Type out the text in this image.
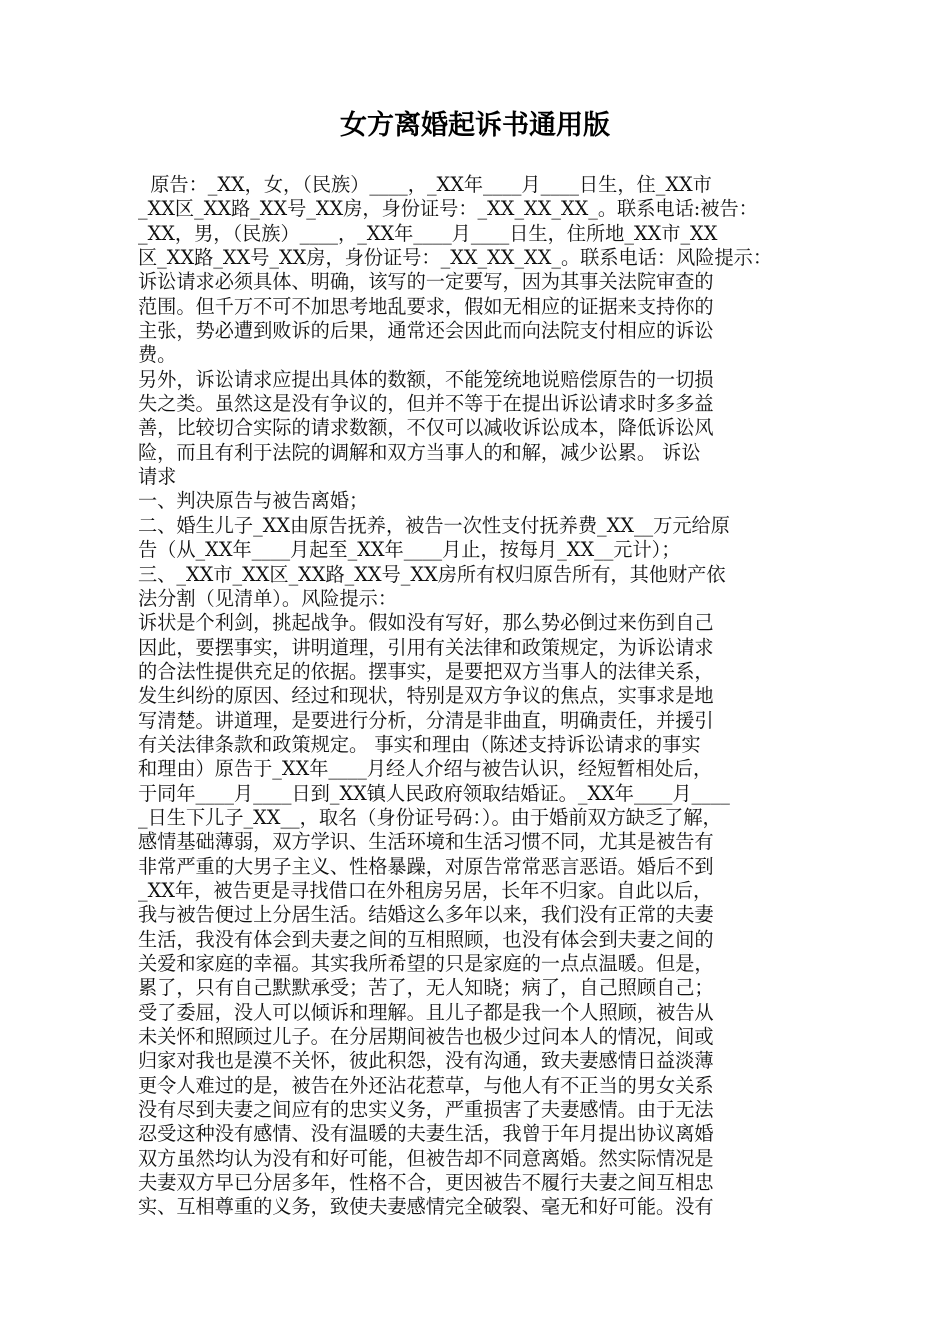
女方离婚起诉书通用版
原告：_XX，女，（民族）____，_XX年____月____日生，住_XX市
_XX区_XX路_XX号_XX房，身份证号：_XX_XX_XX_。联系电话:被告：
_XX，男，（民族）____，_XX年____月____日生，住所地_XX市_XX
区_XX路_XX号_XX房，身份证号：_XX_XX_XX_。联系电话：风险提示：
诉讼请求必须具体、明确，该写的一定要写，因为其事关法院审查的
范围。但千万不可不加思考地乱要求，假如无相应的证据来支持你的
主张，势必遭到败诉的后果，通常还会因此而向法院支付相应的诉讼
费。
另外，诉讼请求应提出具体的数额，不能笼统地说赔偿原告的一切损
失之类。虽然这是没有争议的，但并不等于在提出诉讼请求时多多益
善，比较切合实际的请求数额，不仅可以减收诉讼成本，降低诉讼风
险，而且有利于法院的调解和双方当事人的和解，减少讼累。 诉讼
请求
一、判决原告与被告离婚；
二、婚生儿子_XX由原告抚养，被告一次性支付抚养费_XX__万元给原
告（从_XX年____月起至_XX年____月止，按每月_XX__元计）；
三、_XX市_XX区_XX路_XX号_XX房所有权归原告所有，其他财产依
法分割（见清单）。风险提示：
诉状是个利剑，挑起战争。假如没有写好，那么势必倒过来伤到自己
因此，要摆事实，讲明道理，引用有关法律和政策规定，为诉讼请求
的合法性提供充足的依据。摆事实，是要把双方当事人的法律关系，
发生纠纷的原因、经过和现状，特别是双方争议的焦点，实事求是地
写清楚。讲道理，是要进行分析，分清是非曲直，明确责任，并援引
有关法律条款和政策规定。 事实和理由（陈述支持诉讼请求的事实
和理由）原告于_XX年____月经人介绍与被告认识，经短暂相处后，
于同年____月____日到_XX镇人民政府领取结婚证。_XX年____月____
_日生下儿子_XX__，取名（身份证号码：）。由于婚前双方缺乏了解，
感情基础薄弱，双方学识、生活环境和生活习惯不同，尤其是被告有
非常严重的大男子主义、性格暴躁，对原告常常恶言恶语。婚后不到
_XX年，被告更是寻找借口在外租房另居，长年不归家。自此以后，
我与被告便过上分居生活。结婚这么多年以来，我们没有正常的夫妻
生活，我没有体会到夫妻之间的互相照顾，也没有体会到夫妻之间的
关爱和家庭的幸福。其实我所希望的只是家庭的一点点温暖。但是，
累了，只有自己默默承受；苦了，无人知晓；病了，自己照顾自己；
受了委屈，没人可以倾诉和理解。且儿子都是我一个人照顾，被告从
未关怀和照顾过儿子。在分居期间被告也极少过问本人的情况，间或
归家对我也是漠不关怀，彼此积怨，没有沟通，致夫妻感情日益淡薄
更令人难过的是，被告在外还沾花惹草，与他人有不正当的男女关系
没有尽到夫妻之间应有的忠实义务，严重损害了夫妻感情。由于无法
忍受这种没有感情、没有温暖的夫妻生活，我曾于年月提出协议离婚
双方虽然均认为没有和好可能，但被告却不同意离婚。然实际情况是
夫妻双方早已分居多年，性格不合，更因被告不履行夫妻之间互相忠
实、互相尊重的义务，致使夫妻感情完全破裂、毫无和好可能。没有
